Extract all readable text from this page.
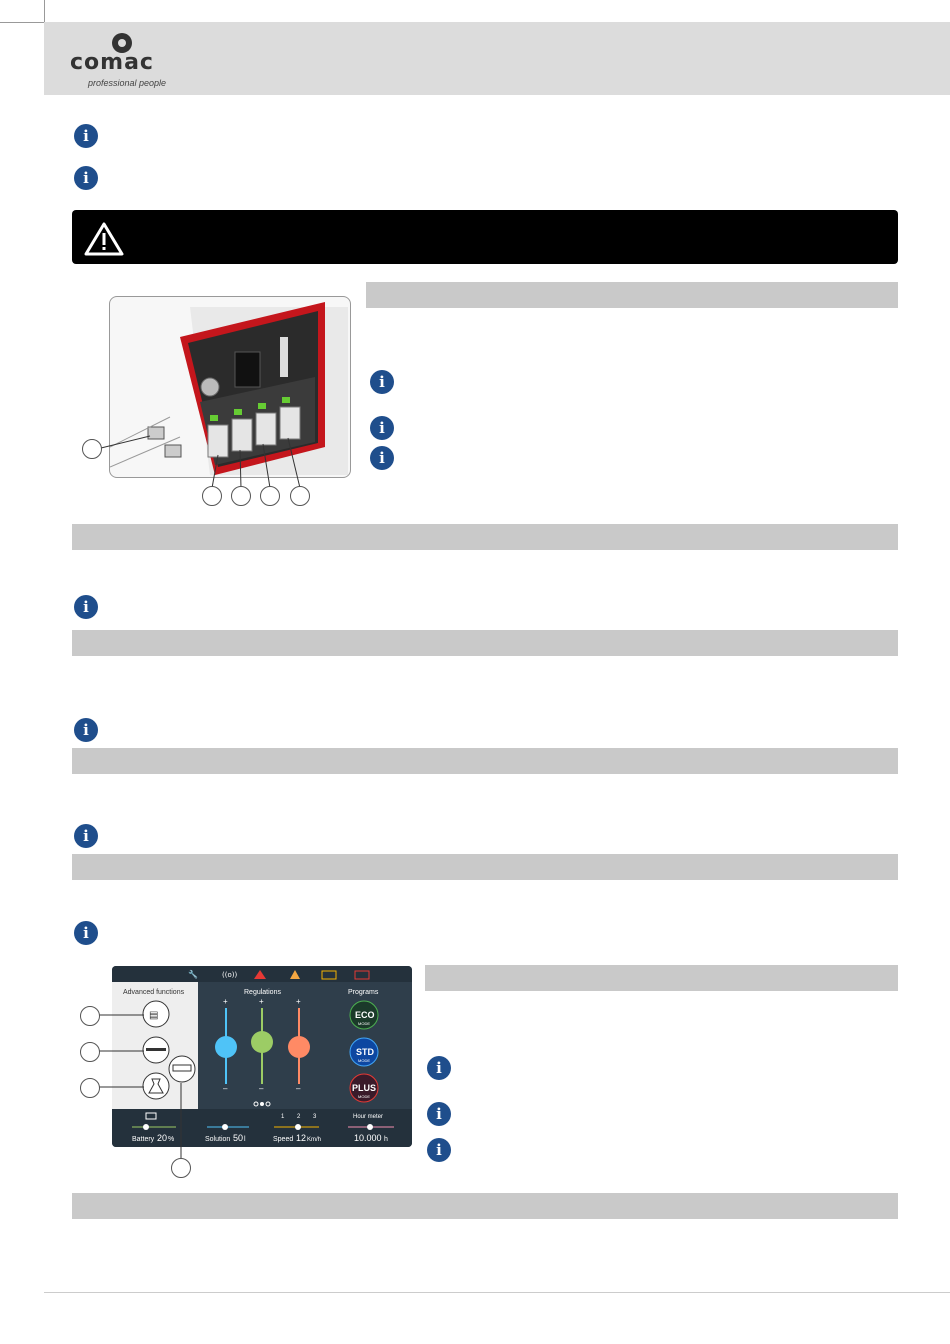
comac
professional people
i
i
i
i
i
i
i
i
i
🔧	((o))
Advanced functions
▤
Regulations
+	+	+
–	–	–
Programs
ECO
MODE
STD
MODE
PLUS
MODE
Battery 20 %	Solution 50 l
1 2 3
Speed 12 Km/h
Hour meter
10.000 h
i
i
i
